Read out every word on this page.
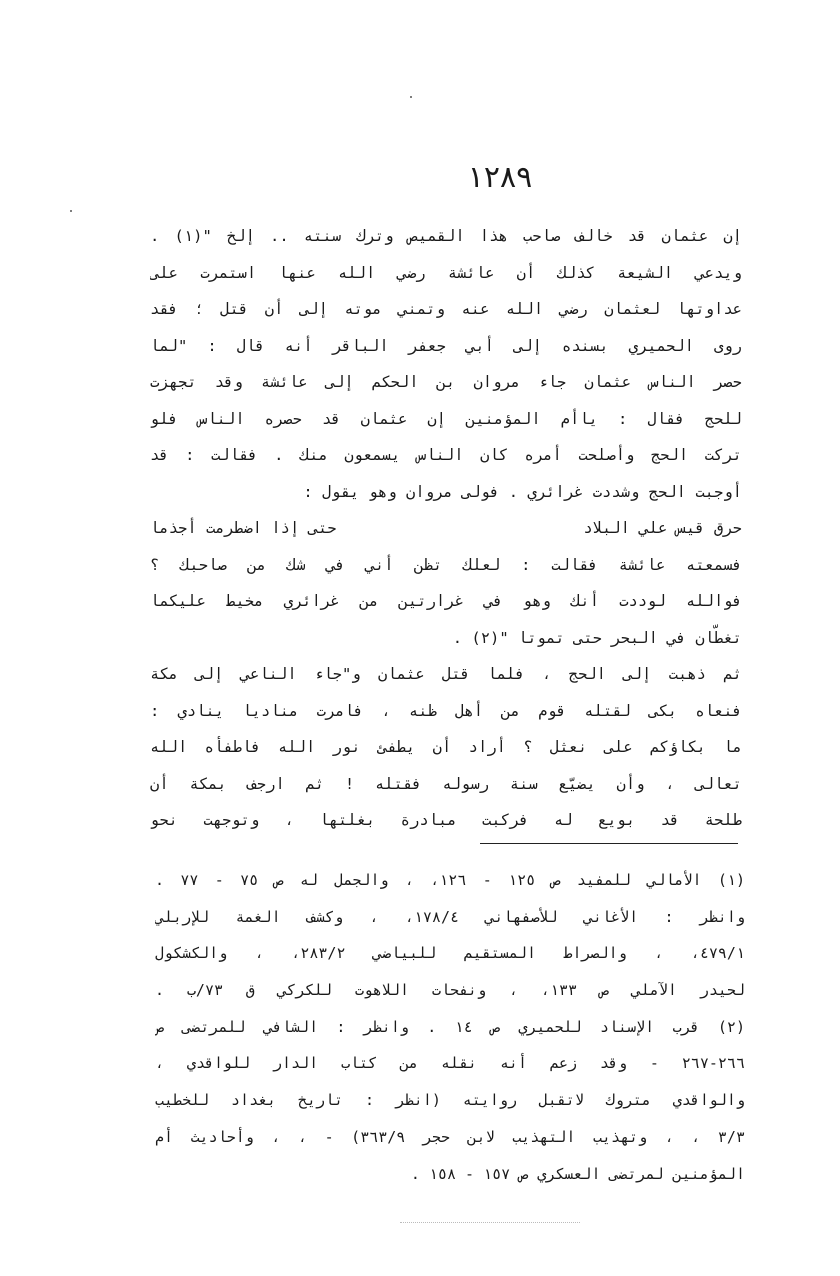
١٢٨٩
إن عثمان قد خالف صاحب هذا القميص وترك سنته .. إلخ "(١) .
ويدعي الشيعة كذلك أن عائشة رضي الله عنها استمرت على
عداوتها لعثمان رضي الله عنه وتمني موته إلى أن قتل ؛ فقد
روى الحميري بسنده إلى أبي جعفر الباقر أنه قال : "لما
حصر الناس عثمان جاء مروان بن الحكم إلى عائشة وقد تجهزت
للحج فقال : ياأم المؤمنين إن عثمان قد حصره الناس فلو
تركت الحج وأصلحت أمره كان الناس يسمعون منك . فقالت : قد
أوجبت الحج وشددت غرائري . فولى مروان وهو يقول :
حرق قيس علي البلاد
حتى إذا اضطرمت أجذما
فسمعته عائشة فقالت : لعلك تظن أني في شك من صاحبك ؟
فوالله لوددت أنك وهو في غرارتين من غرائري مخيط عليكما
تغطّان في البحر حتى تموتا "(٢) .
ثم ذهبت إلى الحج ، فلما قتل عثمان و"جاء الناعي إلى مكة
فنعاه بكى لقتله قوم من أهل ظنه ، فامرت مناديا ينادي :
ما بكاؤكم على نعثل ؟ أراد أن يطفئ نور الله فاطفأه الله
تعالى ، وأن يضيّع سنة رسوله فقتله ! ثم ارجف بمكة أن
طلحة قد بويع له فركبت مبادرة بغلتها ، وتوجهت نحو
(١) الأمالي للمفيد ص ١٢٥ - ١٢٦، ، والجمل له ص ٧٥ - ٧٧ .
وانظر : الأغاني للأصفهاني ١٧٨/٤، ، وكشف الغمة للإربلي
٤٧٩/١، ، والصراط المستقيم للبياضي ٢٨٣/٢، ، والكشكول
لحيدر الآملي ص ١٣٣، ، ونفحات اللاهوت للكركي ق ٧٣/ب .
(٢) قرب الإسناد للحميري ص ١٤ . وانظر : الشافي للمرتضى ص
٢٦٦-٢٦٧ - وقد زعم أنه نقله من كتاب الدار للواقدي ،
والواقدي متروك لاتقبل روايته (انظر : تاريخ بغداد للخطيب
٣/٣ ، ، وتهذيب التهذيب لابن حجر ٣٦٣/٩) - ، ، وأحاديث أم
المؤمنين لمرتضى العسكري ص ١٥٧ - ١٥٨ .
